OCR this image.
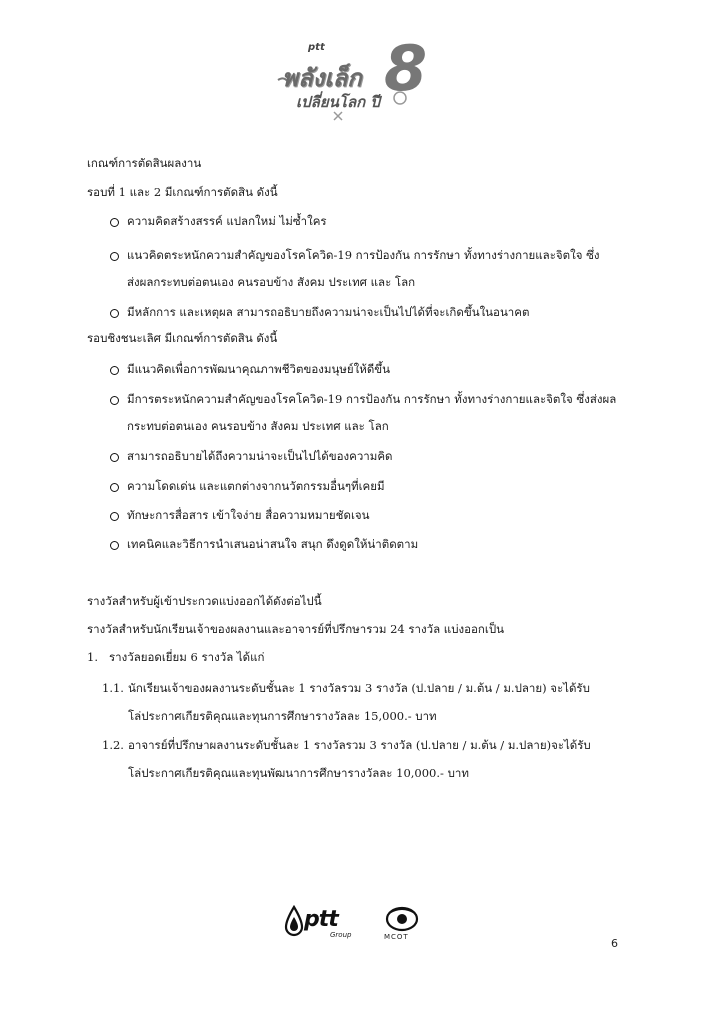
ptt
พลังเล็ก
เปลี่ยนโลก ปี 8
เกณฑ์การตัดสินผลงาน
รอบที่ 1 และ 2 มีเกณฑ์การตัดสิน ดังนี้
ความคิดสร้างสรรค์ แปลกใหม่ ไม่ซ้ำใคร
แนวคิดตระหนักความสำคัญของโรคโควิด-19 การป้องกัน การรักษา ทั้งทางร่างกายและจิตใจ ซึ่ง
ส่งผลกระทบต่อตนเอง คนรอบข้าง สังคม ประเทศ และ โลก
มีหลักการ และเหตุผล สามารถอธิบายถึงความน่าจะเป็นไปได้ที่จะเกิดขึ้นในอนาคต
รอบชิงชนะเลิศ มีเกณฑ์การตัดสิน ดังนี้
มีแนวคิดเพื่อการพัฒนาคุณภาพชีวิตของมนุษย์ให้ดีขึ้น
มีการตระหนักความสำคัญของโรคโควิด-19 การป้องกัน การรักษา ทั้งทางร่างกายและจิตใจ ซึ่งส่งผล
กระทบต่อตนเอง คนรอบข้าง สังคม ประเทศ และ โลก
สามารถอธิบายได้ถึงความน่าจะเป็นไปได้ของความคิด
ความโดดเด่น และแตกต่างจากนวัตกรรมอื่นๆที่เคยมี
ทักษะการสื่อสาร เข้าใจง่าย สื่อความหมายชัดเจน
เทคนิคและวิธีการนำเสนอน่าสนใจ สนุก ดึงดูดให้น่าติดตาม
รางวัลสำหรับผู้เข้าประกวดแบ่งออกได้ดังต่อไปนี้
รางวัลสำหรับนักเรียนเจ้าของผลงานและอาจารย์ที่ปรึกษารวม 24 รางวัล แบ่งออกเป็น
1. รางวัลยอดเยี่ยม 6 รางวัล ได้แก่
1.1. นักเรียนเจ้าของผลงานระดับชั้นละ 1 รางวัลรวม 3 รางวัล (ป.ปลาย / ม.ต้น / ม.ปลาย) จะได้รับ
โล่ประกาศเกียรติคุณและทุนการศึกษารางวัลละ 15,000.- บาท
1.2. อาจารย์ที่ปรึกษาผลงานระดับชั้นละ 1 รางวัลรวม 3 รางวัล (ป.ปลาย / ม.ต้น / ม.ปลาย)จะได้รับ
โล่ประกาศเกียรติคุณและทุนพัฒนาการศึกษารางวัลละ 10,000.- บาท
ptt
Group	MCOT	6
